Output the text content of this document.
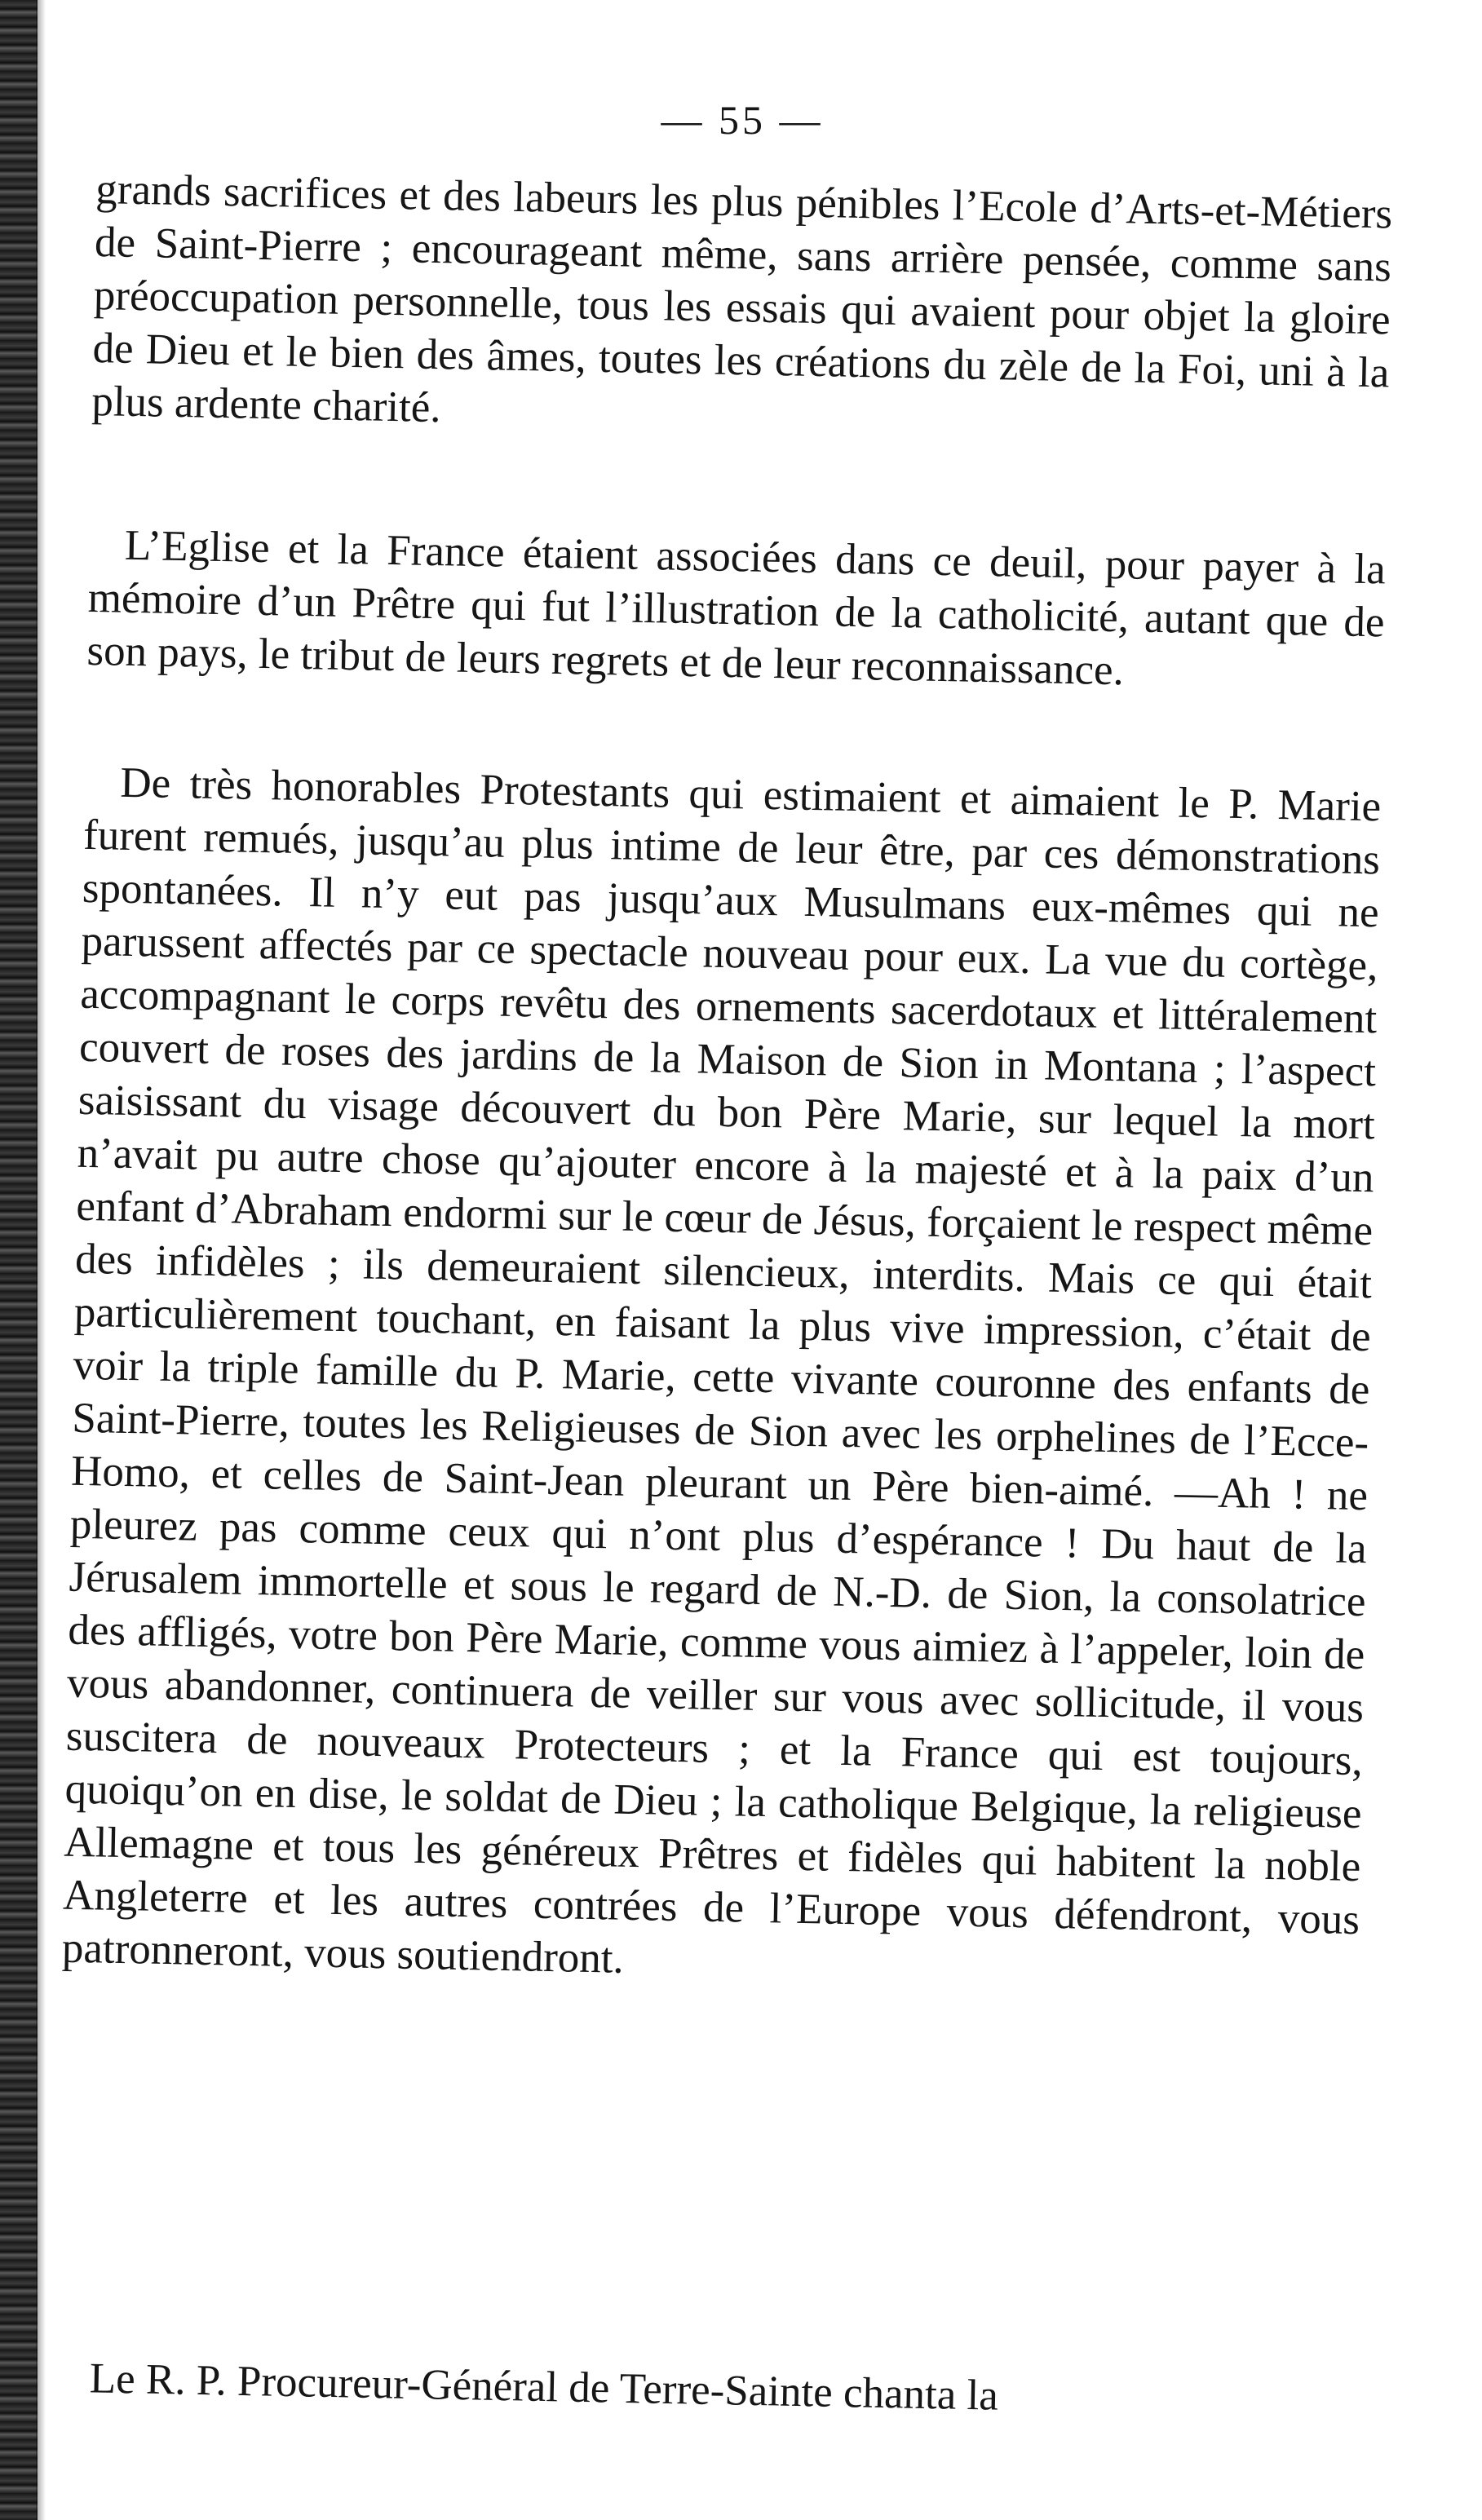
— 55 —

grands sacrifices et des labeurs les plus pénibles l’Ecole d’Arts-et-Métiers de Saint-Pierre ; encourageant même, sans arrière pensée, comme sans préoccupation personnelle, tous les essais qui avaient pour objet la gloire de Dieu et le bien des âmes, toutes les créations du zèle de la Foi, uni à la plus ardente charité.

L’Eglise et la France étaient associées dans ce deuil, pour payer à la mémoire d’un Prêtre qui fut l’illustration de la catholicité, autant que de son pays, le tribut de leurs regrets et de leur reconnaissance.

De très honorables Protestants qui estimaient et aimaient le P. Marie furent remués, jusqu’au plus intime de leur être, par ces démonstrations spontanées. Il n’y eut pas jusqu’aux Musulmans eux-mêmes qui ne parussent affectés par ce spectacle nouveau pour eux. La vue du cortège, accompagnant le corps revêtu des ornements sacerdotaux et littéralement couvert de roses des jardins de la Maison de Sion in Montana ; l’aspect saisissant du visage découvert du bon Père Marie, sur lequel la mort n’avait pu autre chose qu’ajouter encore à la majesté et à la paix d’un enfant d’Abraham endormi sur le cœur de Jésus, forçaient le respect même des infidèles ; ils demeuraient silencieux, interdits. Mais ce qui était particulièrement touchant, en faisant la plus vive impression, c’était de voir la triple famille du P. Marie, cette vivante couronne des enfants de Saint-Pierre, toutes les Religieuses de Sion avec les orphelines de l’Ecce-Homo, et celles de Saint-Jean pleurant un Père bien-aimé. —Ah ! ne pleurez pas comme ceux qui n’ont plus d’espérance ! Du haut de la Jérusalem immortelle et sous le regard de N.-D. de Sion, la consolatrice des affligés, votre bon Père Marie, comme vous aimiez à l’appeler, loin de vous abandonner, continuera de veiller sur vous avec sollicitude, il vous suscitera de nouveaux Protecteurs ; et la France qui est toujours, quoiqu’on en dise, le soldat de Dieu ; la catholique Belgique, la religieuse Allemagne et tous les généreux Prêtres et fidèles qui habitent la noble Angleterre et les autres contrées de l’Europe vous défendront, vous patronneront, vous soutiendront.

Le R. P. Procureur-Général de Terre-Sainte chanta la
